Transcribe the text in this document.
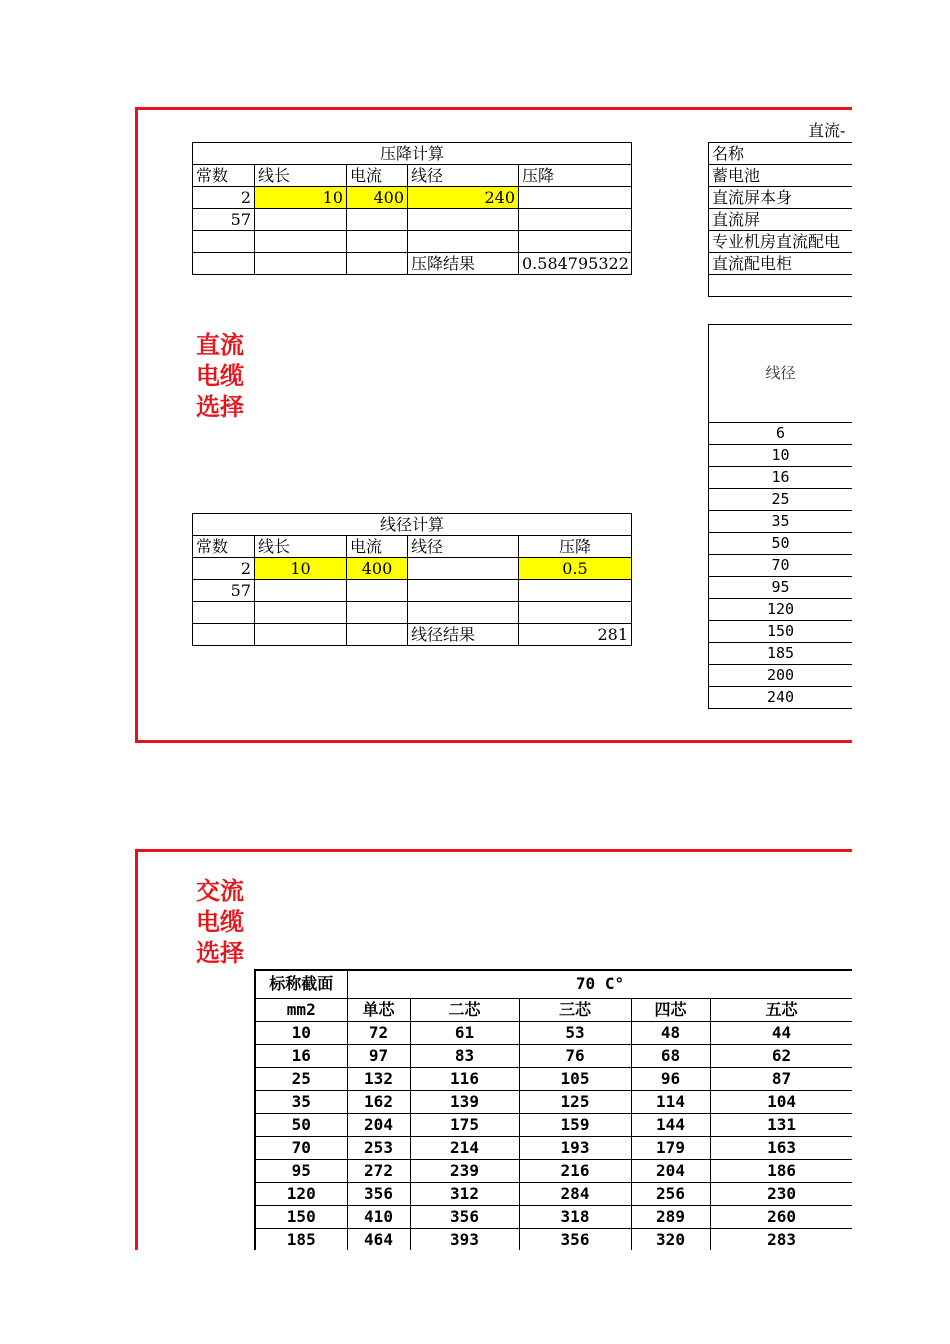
直流电缆选择
压降计算				
常数	线长	电流	线径	压降
2	10	400	240	
57				

			压降结果	0.584795322
线径计算				
常数	线长	电流	线径	压降
2	10	400		0.5
57				

			线径结果	281
直流-
名称
蓄电池
直流屏本身
直流屏
专业机房直流配电
直流配电柜

线径
6
10
16
25
35
50
70
95
120
150
185
200
240
交流电缆选择
标称截面	70 C°				
mm2	单芯	二芯	三芯	四芯	五芯
10	72	61	53	48	44
16	97	83	76	68	62
25	132	116	105	96	87
35	162	139	125	114	104
50	204	175	159	144	131
70	253	214	193	179	163
95	272	239	216	204	186
120	356	312	284	256	230
150	410	356	318	289	260
185	464	393	356	320	283
